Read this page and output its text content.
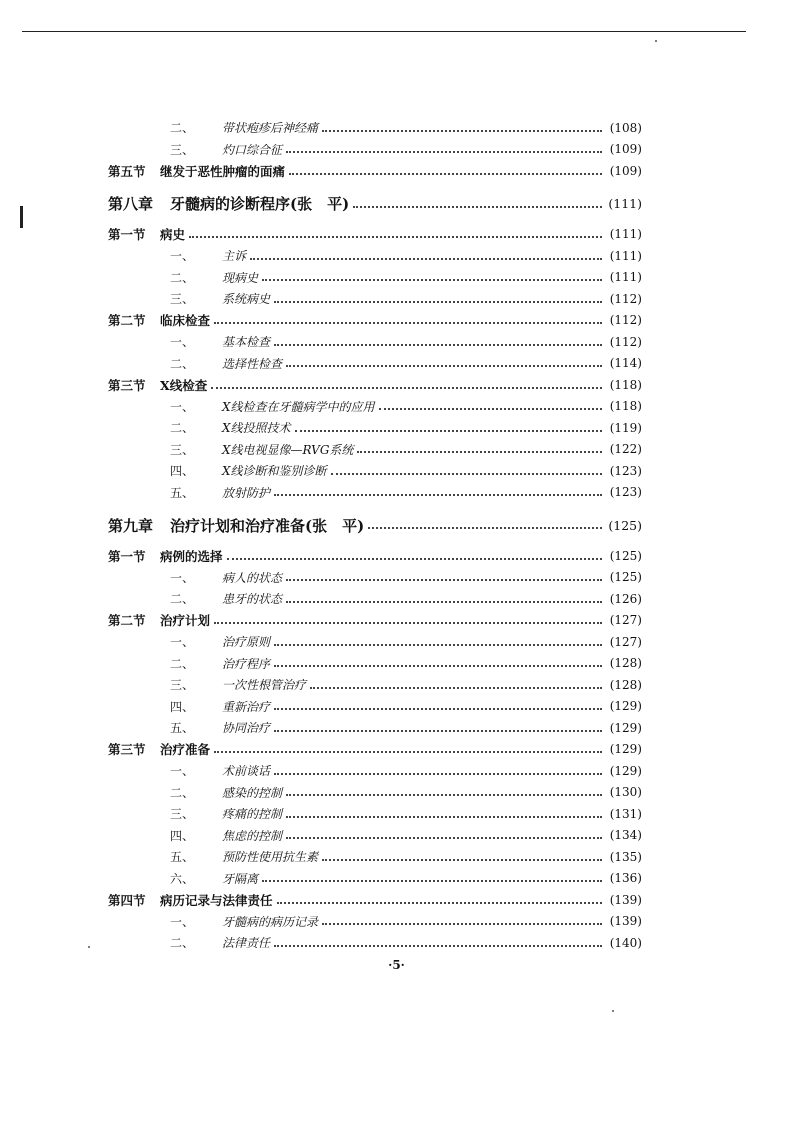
二、	带状疱疹后神经痛	(108)
三、	灼口综合征	(109)
第五节	继发于恶性肿瘤的面痛	(109)
第八章	牙髓病的诊断程序(张　平)	(111)
第一节	病史	(111)
一、	主诉	(111)
二、	现病史	(111)
三、	系统病史	(112)
第二节	临床检查	(112)
一、	基本检查	(112)
二、	选择性检查	(114)
第三节	X线检查	(118)
一、	X线检查在牙髓病学中的应用	(118)
二、	X线投照技术	(119)
三、	X线电视显像—RVG系统	(122)
四、	X线诊断和鉴别诊断	(123)
五、	放射防护	(123)
第九章	治疗计划和治疗准备(张　平)	(125)
第一节	病例的选择	(125)
一、	病人的状态	(125)
二、	患牙的状态	(126)
第二节	治疗计划	(127)
一、	治疗原则	(127)
二、	治疗程序	(128)
三、	一次性根管治疗	(128)
四、	重新治疗	(129)
五、	协同治疗	(129)
第三节	治疗准备	(129)
一、	术前谈话	(129)
二、	感染的控制	(130)
三、	疼痛的控制	(131)
四、	焦虑的控制	(134)
五、	预防性使用抗生素	(135)
六、	牙隔离	(136)
第四节	病历记录与法律责任	(139)
一、	牙髓病的病历记录	(139)
二、	法律责任	(140)
·5·
